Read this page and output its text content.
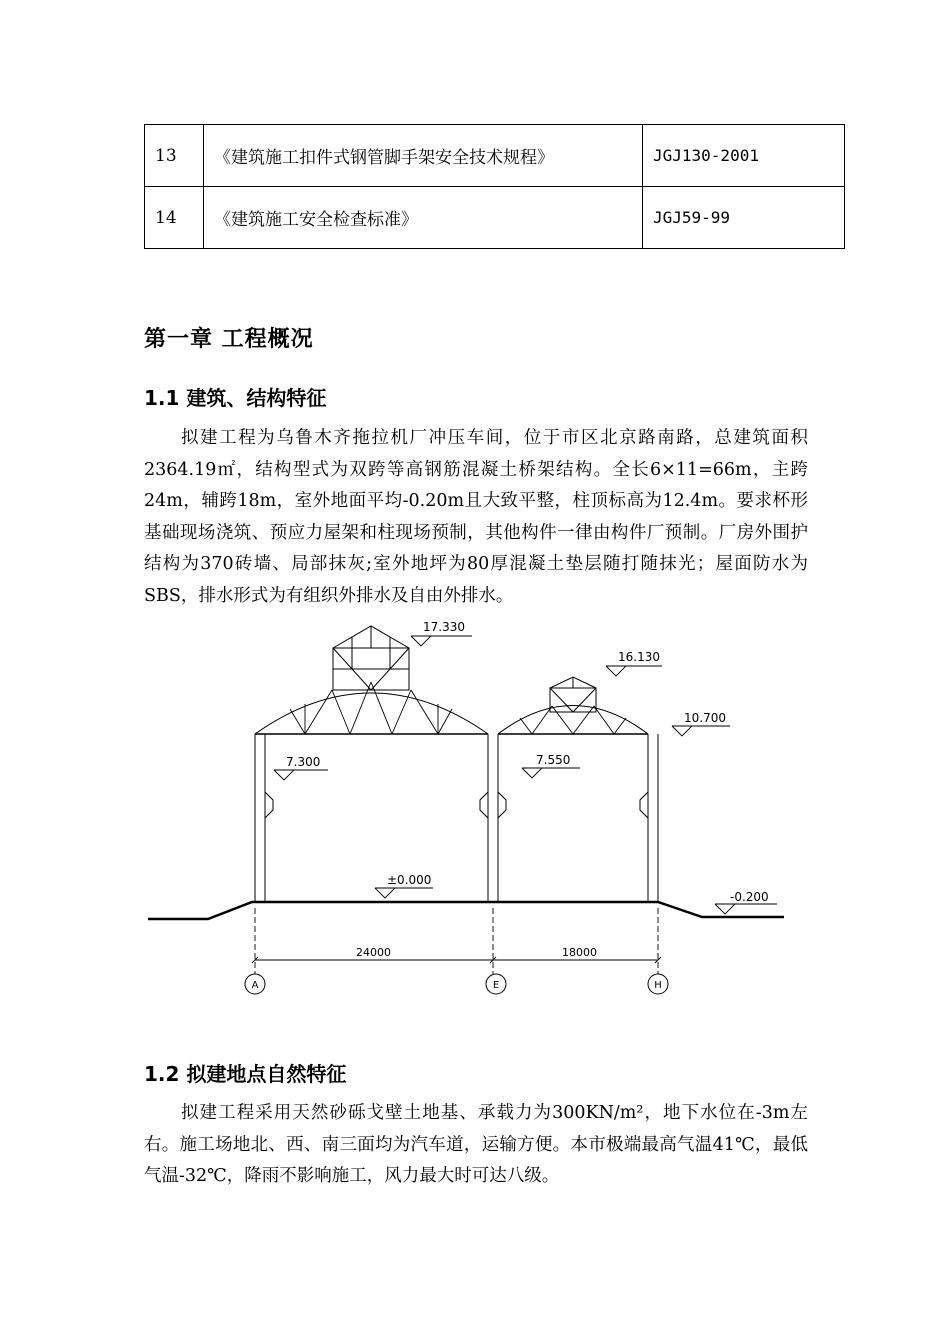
13	《建筑施工扣件式钢管脚手架安全技术规程》	JGJ130-2001
14	《建筑施工安全检查标准》	JGJ59-99
第一章 工程概况
1.1 建筑、结构特征
拟建工程为乌鲁木齐拖拉机厂冲压车间，位于市区北京路南路，总建筑面积2364.19㎡，结构型式为双跨等高钢筋混凝土桥架结构。全长6×11=66m，主跨24m，辅跨18m，室外地面平均-0.20m且大致平整，柱顶标高为12.4m。要求杯形基础现场浇筑、预应力屋架和柱现场预制，其他构件一律由构件厂预制。厂房外围护结构为370砖墙、局部抹灰;室外地坪为80厚混凝土垫层随打随抹光；屋面防水为SBS，排水形式为有组织外排水及自由外排水。
17.330
16.130
10.700
7.300	7.550
±0.000
-0.200
24000	18000
A	E	H
1.2 拟建地点自然特征
拟建工程采用天然砂砾戈壁土地基、承载力为300KN/m²，地下水位在-3m左右。施工场地北、西、南三面均为汽车道，运输方便。本市极端最高气温41℃，最低气温-32℃，降雨不影响施工，风力最大时可达八级。
